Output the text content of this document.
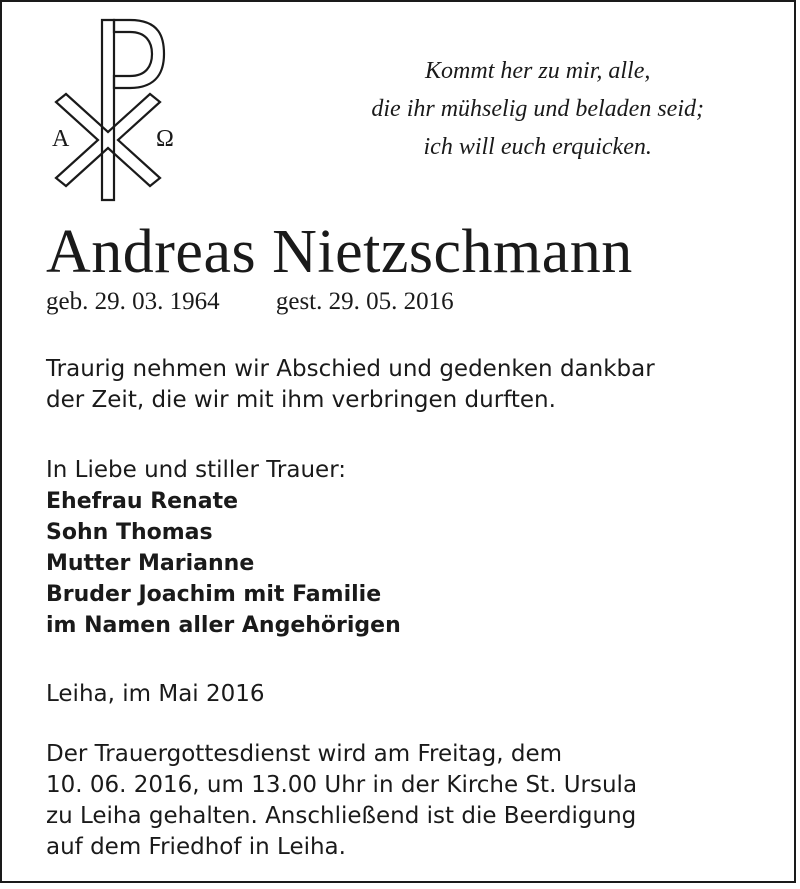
A	Ω
Kommt her zu mir, alle,
die ihr mühselig und beladen seid;
ich will euch erquicken.
Andreas Nietzschmann
geb. 29. 03. 1964 gest. 29. 05. 2016
Traurig nehmen wir Abschied und gedenken dankbar
der Zeit, die wir mit ihm verbringen durften.
In Liebe und stiller Trauer:
Ehefrau Renate
Sohn Thomas
Mutter Marianne
Bruder Joachim mit Familie
im Namen aller Angehörigen
Leiha, im Mai 2016
Der Trauergottesdienst wird am Freitag, dem
10. 06. 2016, um 13.00 Uhr in der Kirche St. Ursula
zu Leiha gehalten. Anschließend ist die Beerdigung
auf dem Friedhof in Leiha.
